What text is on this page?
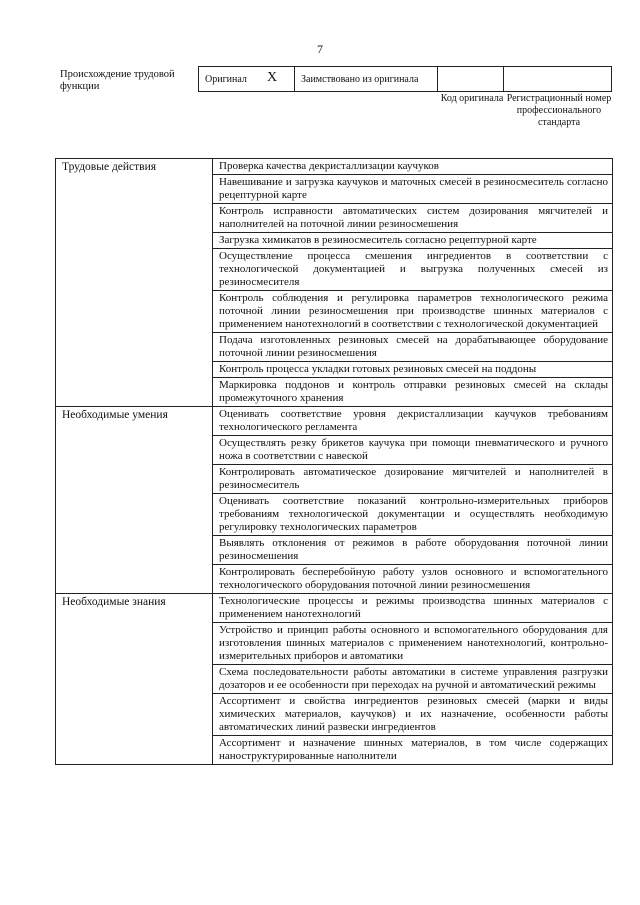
7
Происхождение трудовой функции
Оригинал X Заимствовано из оригинала
Код оригинала Регистрационный номер профессионального стандарта
Трудовые действия	Проверка качества декристаллизации каучуков
	Навешивание и загрузка каучуков и маточных смесей в резиносмеситель согласно рецептурной карте
	Контроль исправности автоматических систем дозирования мягчителей и наполнителей на поточной линии резиносмешения
	Загрузка химикатов в резиносмеситель согласно рецептурной карте
	Осуществление процесса смешения ингредиентов в соответствии с технологической документацией и выгрузка полученных смесей из резиносмесителя
	Контроль соблюдения и регулировка параметров технологического режима поточной линии резиносмешения при производстве шинных материалов с применением нанотехнологий в соответствии с технологической документацией
	Подача изготовленных резиновых смесей на дорабатывающее оборудование поточной линии резиносмешения
	Контроль процесса укладки готовых резиновых смесей на поддоны
	Маркировка поддонов и контроль отправки резиновых смесей на склады промежуточного хранения
Необходимые умения	Оценивать соответствие уровня декристаллизации каучуков требованиям технологического регламента
	Осуществлять резку брикетов каучука при помощи пневматического и ручного ножа в соответствии с навеской
	Контролировать автоматическое дозирование мягчителей и наполнителей в резиносмеситель
	Оценивать соответствие показаний контрольно-измерительных приборов требованиям технологической документации и осуществлять необходимую регулировку технологических параметров
	Выявлять отклонения от режимов в работе оборудования поточной линии резиносмешения
	Контролировать бесперебойную работу узлов основного и вспомогательного технологического оборудования поточной линии резиносмешения
Необходимые знания	Технологические процессы и режимы производства шинных материалов с применением нанотехнологий
	Устройство и принцип работы основного и вспомогательного оборудования для изготовления шинных материалов с применением нанотехнологий, контрольно-измерительных приборов и автоматики
	Схема последовательности работы автоматики в системе управления разгрузки дозаторов и ее особенности при переходах на ручной и автоматический режимы
	Ассортимент и свойства ингредиентов резиновых смесей (марки и виды химических материалов, каучуков) и их назначение, особенности работы автоматических линий развески ингредиентов
	Ассортимент и назначение шинных материалов, в том числе содержащих наноструктурированные наполнители
